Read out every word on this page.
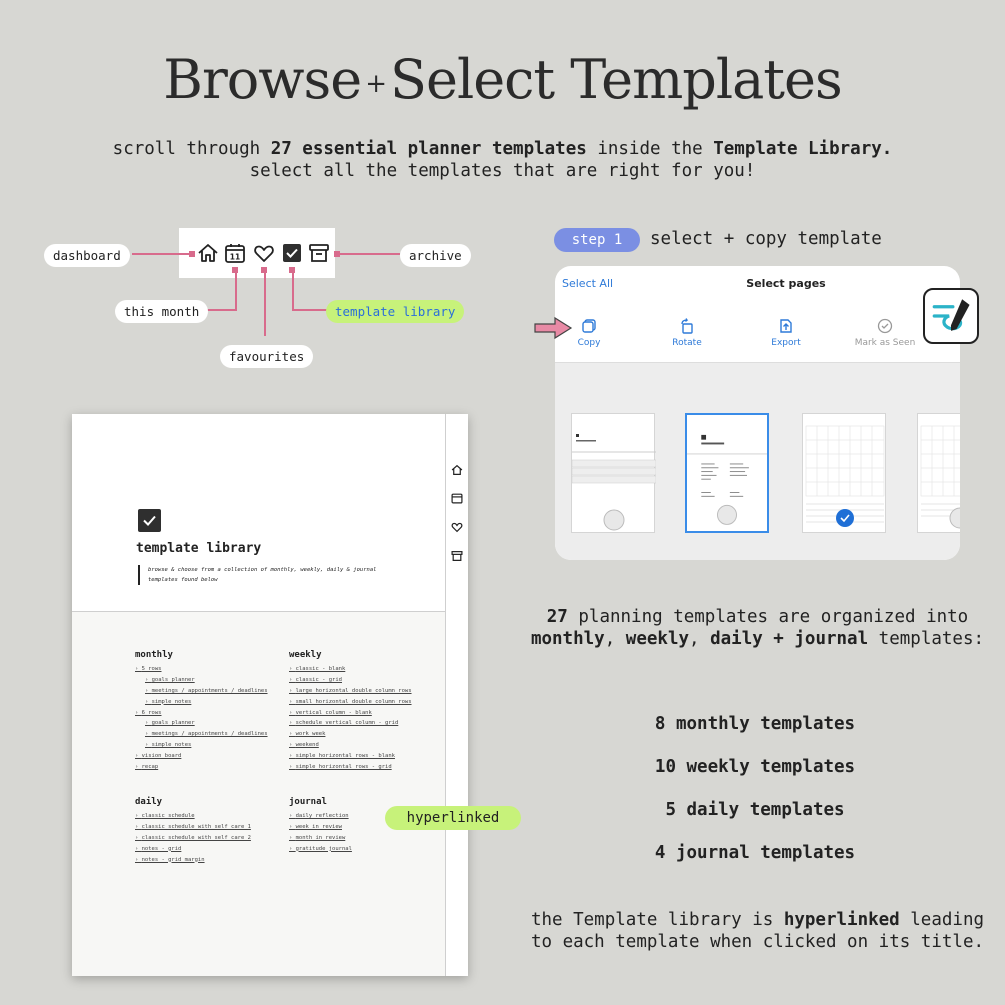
Browse +Select Templates
scroll through 27 essential planner templates inside the Template Library. select all the templates that are right for you!
11
dashboard	archive
this month	template library
favourites
template library
browse & choose from a collection of monthly, weekly, daily & journal templates found below
monthly
› 5 rows
› goals planner
› meetings / appointments / deadlines
› simple notes
› 6 rows
› goals planner
› meetings / appointments / deadlines
› simple notes
› vision board
› recap
weekly
› classic - blank
› classic - grid
› large horizontal double column rows
› small horizontal double column rows
› vertical column - blank
› schedule vertical column - grid
› work week
› weekend
› simple horizontal rows - blank
› simple horizontal rows - grid
daily
› classic schedule
› classic schedule with self care 1
› classic schedule with self care 2
› notes - grid
› notes - grid margin
journal
› daily reflection
› week in review
› month in review
› gratitude journal
hyperlinked
step 1	select + copy template
Select All	Select pages
Copy	Rotate	Export	Mark as Seen
27 planning templates are organized into monthly, weekly, daily + journal templates:
8 monthly templates
10 weekly templates
5 daily templates
4 journal templates
the Template library is hyperlinked leading to each template when clicked on its title.
